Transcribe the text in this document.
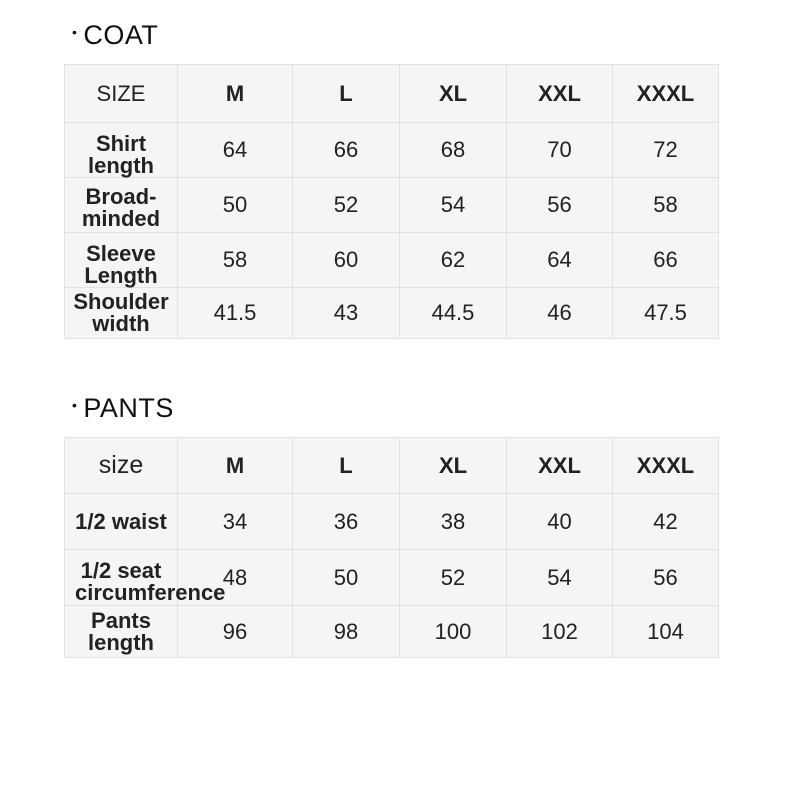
• COAT
SIZE	M	L	XL	XXL	XXXL
Shirt length	64	66	68	70	72
Broad-minded	50	52	54	56	58
Sleeve Length	58	60	62	64	66
Shoulder width	41.5	43	44.5	46	47.5
• PANTS
size	M	L	XL	XXL	XXXL
1/2 waist	34	36	38	40	42
1/2 seat circumference	48	50	52	54	56
Pants length	96	98	100	102	104
